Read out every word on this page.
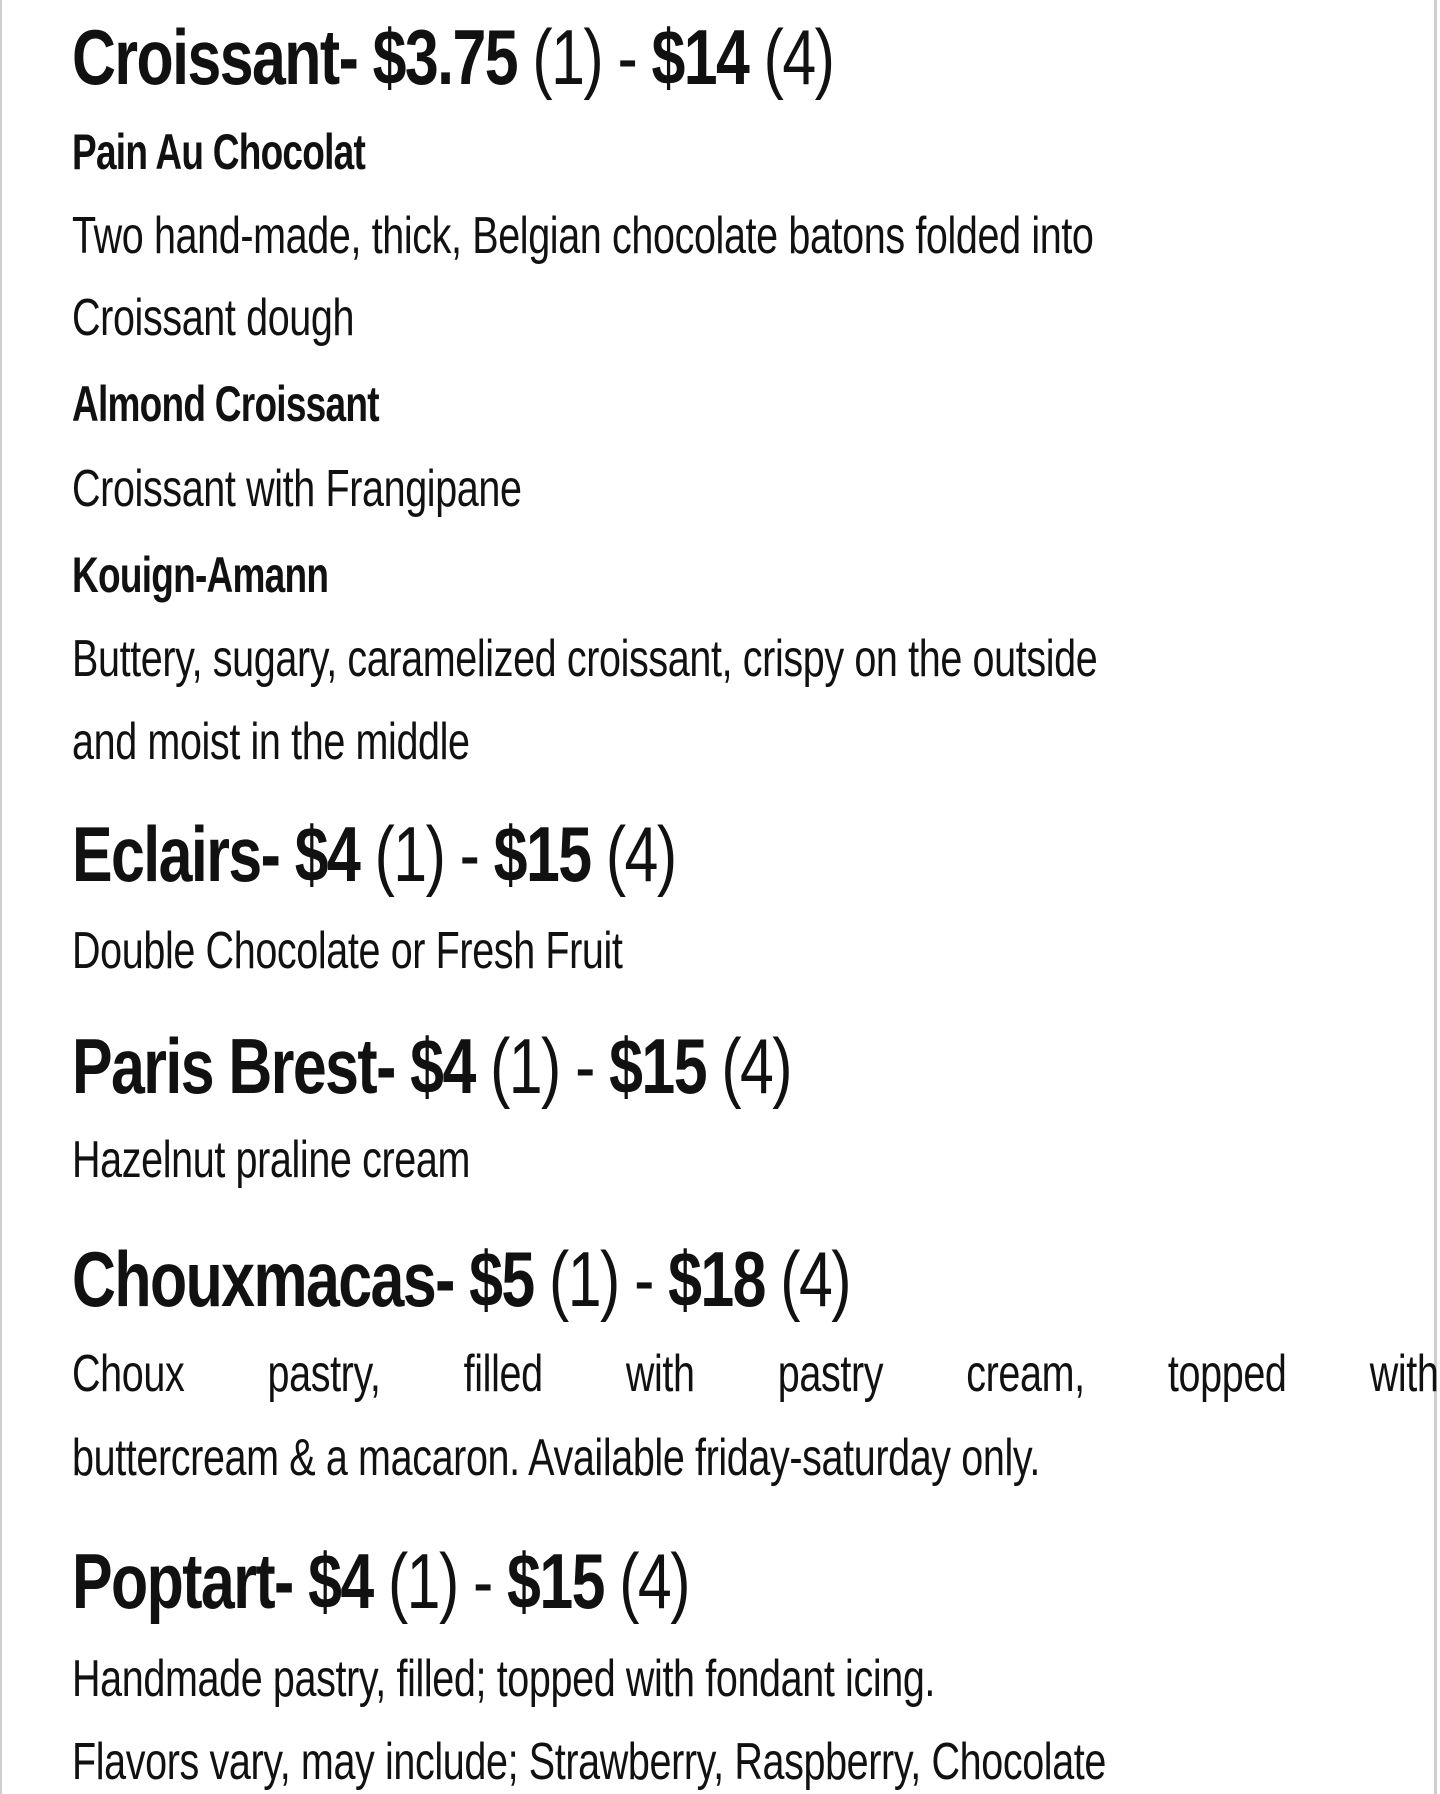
Croissant- $3.75 (1) - $14 (4)
Pain Au Chocolat
Two hand-made, thick, Belgian chocolate batons folded into
Croissant dough
Almond Croissant
Croissant with Frangipane
Kouign-Amann
Buttery, sugary, caramelized croissant, crispy on the outside
and moist in the middle
Eclairs- $4 (1) - $15 (4)
Double Chocolate or Fresh Fruit
Paris Brest- $4 (1) - $15 (4)
Hazelnut praline cream
Chouxmacas- $5 (1) - $18 (4)
Choux pastry, filled with pastry cream, topped with
buttercream & a macaron. Available friday-saturday only.
Poptart- $4 (1) - $15 (4)
Handmade pastry, filled; topped with fondant icing.
Flavors vary, may include; Strawberry, Raspberry, Chocolate
